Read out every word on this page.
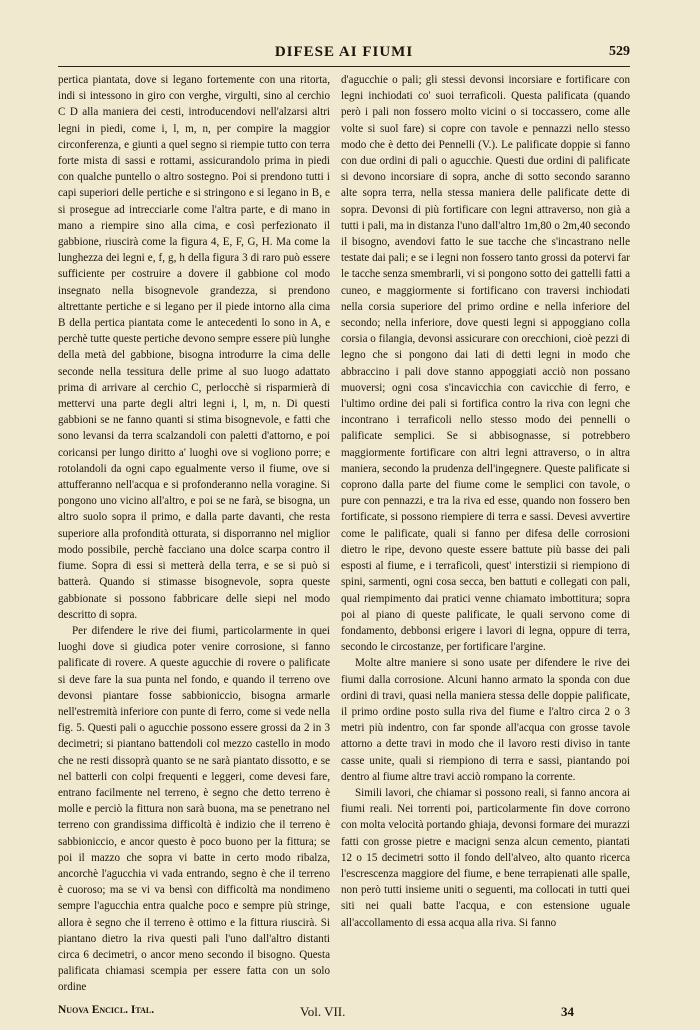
DIFESE AI FIUMI	529

pertica piantata, dove si legano fortemente con una ritorta, indi si intessono in giro con verghe, virgulti, sino al cerchio C D alla maniera dei cesti, introducendovi nell'alzarsi altri legni in piedi, come i, l, m, n, per compire la maggior circonferenza, e giunti a quel segno si riempie tutto con terra forte mista di sassi e rottami, assicurandolo prima in piedi con qualche puntello o altro sostegno. Poi si prendono tutti i capi superiori delle pertiche e si stringono e si legano in B, e si prosegue ad intrecciarle come l'altra parte, e di mano in mano a riempire sino alla cima, e così perfezionato il gabbione, riuscirà come la figura 4, E, F, G, H. Ma come la lunghezza dei legni e, f, g, h della figura 3 di raro può essere sufficiente per costruire a dovere il gabbione col modo insegnato nella bisognevole grandezza, si prendono altrettante pertiche e si legano per il piede intorno alla cima B della pertica piantata come le antecedenti lo sono in A, e perchè tutte queste pertiche devono sempre essere più lunghe della metà del gabbione, bisogna introdurre la cima delle seconde nella tessitura delle prime al suo luogo adattato prima di arrivare al cerchio C, perlocchè si risparmierà di mettervi una parte degli altri legni i, l, m, n. Di questi gabbioni se ne fanno quanti si stima bisognevole, e fatti che sono levansi da terra scalzandoli con paletti d'attorno, e poi coricansi per lungo diritto a' luoghi ove si vogliono porre; e rotolandoli da ogni capo egualmente verso il fiume, ove si attufferanno nell'acqua e si profonderanno nella voragine. Si pongono uno vicino all'altro, e poi se ne farà, se bisogna, un altro suolo sopra il primo, e dalla parte davanti, che resta superiore alla profondità otturata, si disporranno nel miglior modo possibile, perchè facciano una dolce scarpa contro il fiume. Sopra di essi si metterà della terra, e se si può si batterà. Quando si stimasse bisognevole, sopra queste gabbionate si possono fabbricare delle siepi nel modo descritto di sopra.

Per difendere le rive dei fiumi, particolarmente in quei luoghi dove si giudica poter venire corrosione, si fanno palificate di rovere. A queste agucchie di rovere o palificate si deve fare la sua punta nel fondo, e quando il terreno ove devonsi piantare fosse sabbioniccio, bisogna armarle nell'estremità inferiore con punte di ferro, come si vede nella fig. 5. Questi pali o agucchie possono essere grossi da 2 in 3 decimetri; si piantano battendoli col mezzo castello in modo che ne resti dissoprà quanto se ne sarà piantato dissotto, e se nel batterli con colpi frequenti e leggeri, come devesi fare, entrano facilmente nel terreno, è segno che detto terreno è molle e perciò la fittura non sarà buona, ma se penetrano nel terreno con grandissima difficoltà è indizio che il terreno è sabbioniccio, e ancor questo è poco buono per la fittura; se poi il mazzo che sopra vi batte in certo modo ribalza, ancorchè l'agucchia vi vada entrando, segno è che il terreno è cuoroso; ma se vi va bensì con difficoltà ma nondimeno sempre l'agucchia entra qualche poco e sempre più stringe, allora è segno che il terreno è ottimo e la fittura riuscirà. Si piantano dietro la riva questi pali l'uno dall'altro distanti circa 6 decimetri, o ancor meno secondo il bisogno. Questa palificata chiamasi scempia per essere fatta con un solo ordine

d'agucchie o pali; gli stessi devonsi incorsiare e fortificare con legni inchiodati co' suoi terraficoli. Questa palificata (quando però i pali non fossero molto vicini o si toccassero, come alle volte si suol fare) si copre con tavole e pennazzi nello stesso modo che è detto dei Pennelli (V.). Le palificate doppie si fanno con due ordini di pali o agucchie. Questi due ordini di palificate si devono incorsiare di sopra, anche di sotto secondo saranno alte sopra terra, nella stessa maniera delle palificate dette di sopra. Devonsi di più fortificare con legni attraverso, non già a tutti i pali, ma in distanza l'uno dall'altro 1m,80 o 2m,40 secondo il bisogno, avendovi fatto le sue tacche che s'incastrano nelle testate dai pali; e se i legni non fossero tanto grossi da potervi far le tacche senza smembrarli, vi si pongono sotto dei gattelli fatti a cuneo, e maggiormente si fortificano con traversi inchiodati nella corsia superiore del primo ordine e nella inferiore del secondo; nella inferiore, dove questi legni si appoggiano colla corsia o filangia, devonsi assicurare con orecchioni, cioè pezzi di legno che si pongono dai lati di detti legni in modo che abbraccino i pali dove stanno appoggiati acciò non possano muoversi; ogni cosa s'incavicchia con cavicchie di ferro, e l'ultimo ordine dei pali si fortifica contro la riva con legni che incontrano i terraficoli nello stesso modo dei pennelli o palificate semplici. Se si abbisognasse, si potrebbero maggiormente fortificare con altri legni attraverso, o in altra maniera, secondo la prudenza dell'ingegnere. Queste palificate si coprono dalla parte del fiume come le semplici con tavole, o pure con pennazzi, e tra la riva ed esse, quando non fossero ben fortificate, si possono riempiere di terra e sassi. Devesi avvertire come le palificate, quali si fanno per difesa delle corrosioni dietro le ripe, devono queste essere battute più basse dei pali esposti al fiume, e i terraficoli, quest' interstizii si riempiono di spini, sarmenti, ogni cosa secca, ben battuti e collegati con pali, qual riempimento dai pratici venne chiamato imbottitura; sopra poi al piano di queste palificate, le quali servono come di fondamento, debbonsi erigere i lavori di legna, oppure di terra, secondo le circostanze, per fortificare l'argine.

Molte altre maniere si sono usate per difendere le rive dei fiumi dalla corrosione. Alcuni hanno armato la sponda con due ordini di travi, quasi nella maniera stessa delle doppie palificate, il primo ordine posto sulla riva del fiume e l'altro circa 2 o 3 metri più indentro, con far sponde all'acqua con grosse tavole attorno a dette travi in modo che il lavoro resti diviso in tante casse unite, quali si riempiono di terra e sassi, piantando poi dentro al fiume altre travi acciò rompano la corrente.

Simili lavori, che chiamar si possono reali, si fanno ancora ai fiumi reali. Nei torrenti poi, particolarmente fin dove corrono con molta velocità portando ghiaja, devonsi formare dei murazzi fatti con grosse pietre e macigni senza alcun cemento, piantati 12 o 15 decimetri sotto il fondo dell'alveo, alto quanto ricerca l'escrescenza maggiore del fiume, e bene terrapienati alle spalle, non però tutti insieme uniti o seguenti, ma collocati in tutti quei siti nei quali batte l'acqua, e con estensione uguale all'accollamento di essa acqua alla riva. Si fanno

Nuova Encicl. Ital.	Vol. VII.	34
